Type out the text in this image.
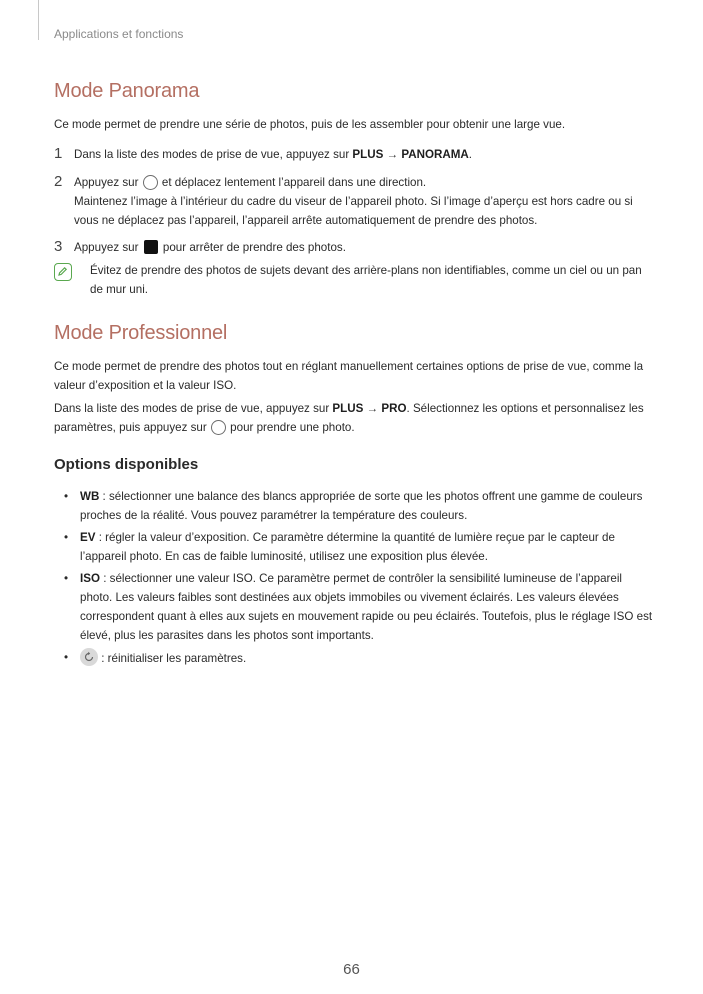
Applications et fonctions
Mode Panorama

Ce mode permet de prendre une série de photos, puis de les assembler pour obtenir une large vue.

1 Dans la liste des modes de prise de vue, appuyez sur PLUS → PANORAMA.
2 Appuyez sur  et déplacez lentement l’appareil dans une direction.

Maintenez l’image à l’intérieur du cadre du viseur de l’appareil photo. Si l’image d’aperçu est hors cadre ou si vous ne déplacez pas l’appareil, l’appareil arrête automatiquement de prendre des photos.

3 Appuyez sur  pour arrêter de prendre des photos.

Évitez de prendre des photos de sujets devant des arrière-plans non identifiables, comme un ciel ou un pan de mur uni.

Mode Professionnel

Ce mode permet de prendre des photos tout en réglant manuellement certaines options de prise de vue, comme la valeur d’exposition et la valeur ISO.

Dans la liste des modes de prise de vue, appuyez sur PLUS → PRO. Sélectionnez les options et personnalisez les paramètres, puis appuyez sur  pour prendre une photo.

Options disponibles
• WB : sélectionner une balance des blancs appropriée de sorte que les photos offrent une gamme de couleurs proches de la réalité. Vous pouvez paramétrer la température des couleurs.
• EV : régler la valeur d’exposition. Ce paramètre détermine la quantité de lumière reçue par le capteur de l’appareil photo. En cas de faible luminosité, utilisez une exposition plus élevée.
• ISO : sélectionner une valeur ISO. Ce paramètre permet de contrôler la sensibilité lumineuse de l’appareil photo. Les valeurs faibles sont destinées aux objets immobiles ou vivement éclairés. Les valeurs élevées correspondent quant à elles aux sujets en mouvement rapide ou peu éclairés. Toutefois, plus le réglage ISO est élevé, plus les parasites dans les photos sont importants.
•	: réinitialiser les paramètres.
66
